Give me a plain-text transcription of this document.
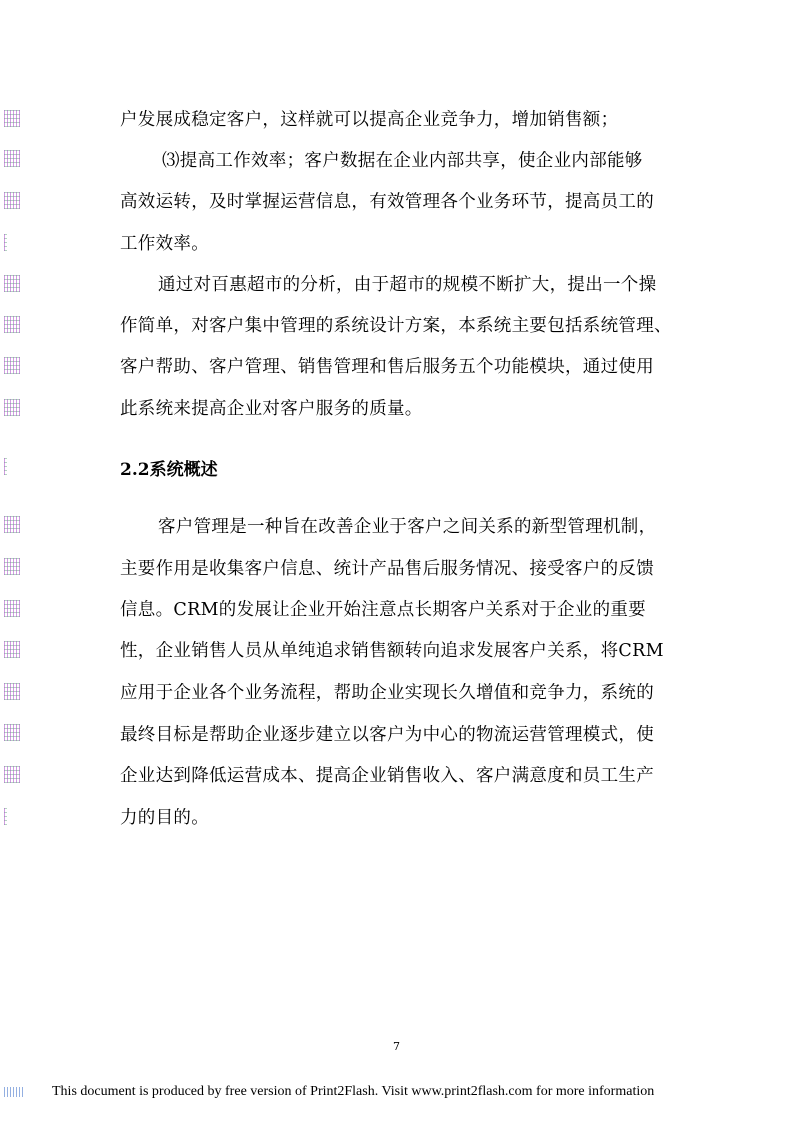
户发展成稳定客户，这样就可以提高企业竞争力，增加销售额；
⑶提高工作效率；客户数据在企业内部共享，使企业内部能够
高效运转，及时掌握运营信息，有效管理各个业务环节，提高员工的
工作效率。
通过对百惠超市的分析，由于超市的规模不断扩大，提出一个操
作简单，对客户集中管理的系统设计方案，本系统主要包括系统管理、
客户帮助、客户管理、销售管理和售后服务五个功能模块，通过使用
此系统来提高企业对客户服务的质量。
2.2系统概述
客户管理是一种旨在改善企业于客户之间关系的新型管理机制，
主要作用是收集客户信息、统计产品售后服务情况、接受客户的反馈
信息。CRM的发展让企业开始注意点长期客户关系对于企业的重要
性，企业销售人员从单纯追求销售额转向追求发展客户关系，将CRM
应用于企业各个业务流程，帮助企业实现长久增值和竞争力，系统的
最终目标是帮助企业逐步建立以客户为中心的物流运营管理模式，使
企业达到降低运营成本、提高企业销售收入、客户满意度和员工生产
力的目的。
7
This document is produced by free version of Print2Flash. Visit www.print2flash.com for more information
